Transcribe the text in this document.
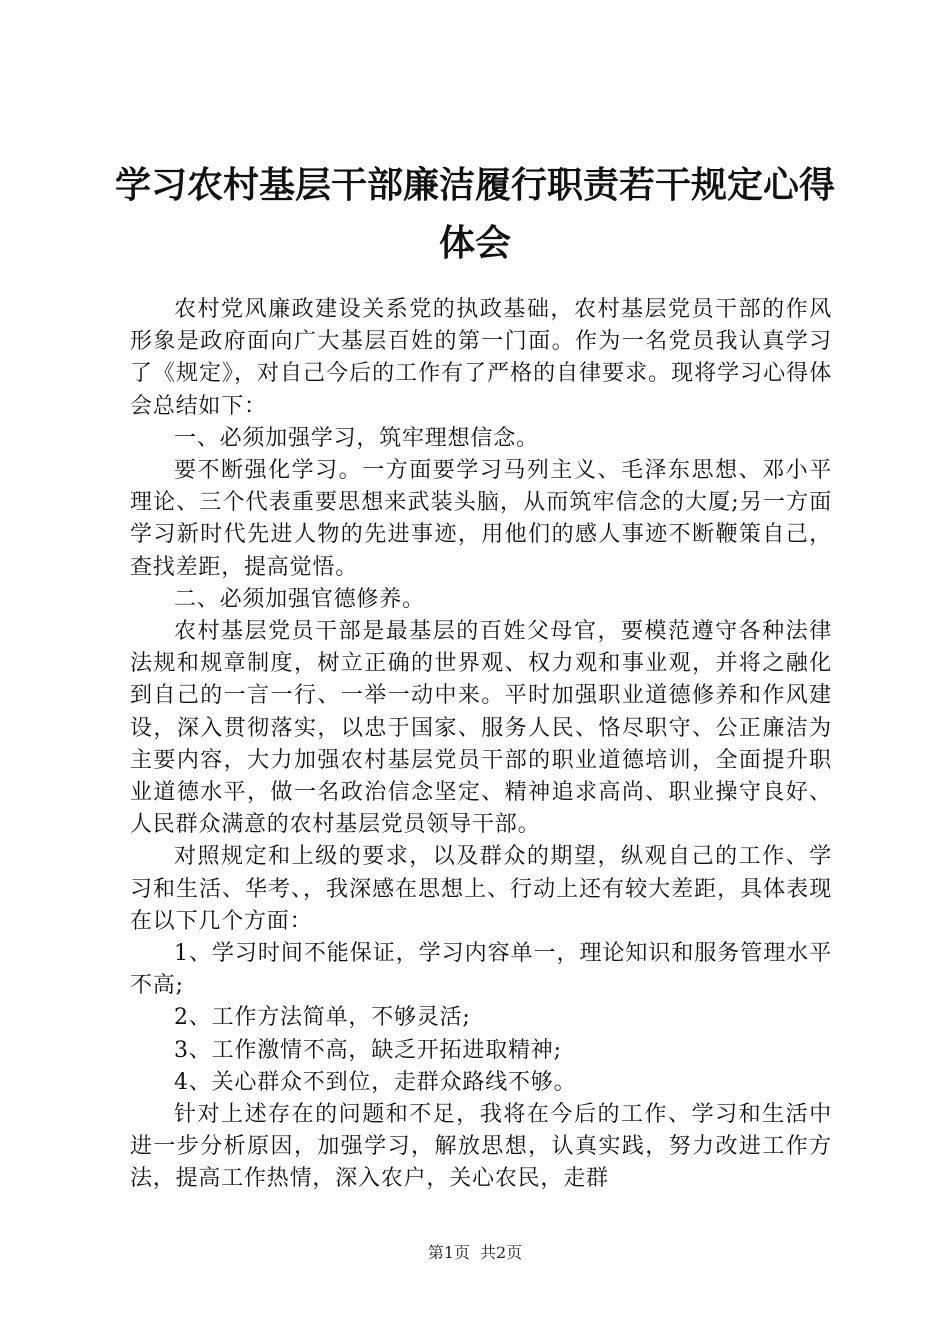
学习农村基层干部廉洁履行职责若干规定心得
体会

农村党风廉政建设关系党的执政基础，农村基层党员干部的作风形象是政府面向广大基层百姓的第一门面。作为一名党员我认真学习了《规定》，对自己今后的工作有了严格的自律要求。现将学习心得体会总结如下：

一、必须加强学习，筑牢理想信念。

要不断强化学习。一方面要学习马列主义、毛泽东思想、邓小平理论、三个代表重要思想来武装头脑，从而筑牢信念的大厦;另一方面学习新时代先进人物的先进事迹，用他们的感人事迹不断鞭策自己，查找差距，提高觉悟。

二、必须加强官德修养。

农村基层党员干部是最基层的百姓父母官，要模范遵守各种法律法规和规章制度，树立正确的世界观、权力观和事业观，并将之融化到自己的一言一行、一举一动中来。平时加强职业道德修养和作风建设，深入贯彻落实，以忠于国家、服务人民、恪尽职守、公正廉洁为主要内容，大力加强农村基层党员干部的职业道德培训，全面提升职业道德水平，做一名政治信念坚定、精神追求高尚、职业操守良好、人民群众满意的农村基层党员领导干部。

对照规定和上级的要求，以及群众的期望，纵观自己的工作、学习和生活、华考、，我深感在思想上、行动上还有较大差距，具体表现在以下几个方面：

1、学习时间不能保证，学习内容单一，理论知识和服务管理水平不高;

2、工作方法简单，不够灵活;

3、工作激情不高，缺乏开拓进取精神;

4、关心群众不到位，走群众路线不够。

针对上述存在的问题和不足，我将在今后的工作、学习和生活中进一步分析原因，加强学习，解放思想，认真实践，努力改进工作方法，提高工作热情，深入农户，关心农民，走群

第1页 共2页
